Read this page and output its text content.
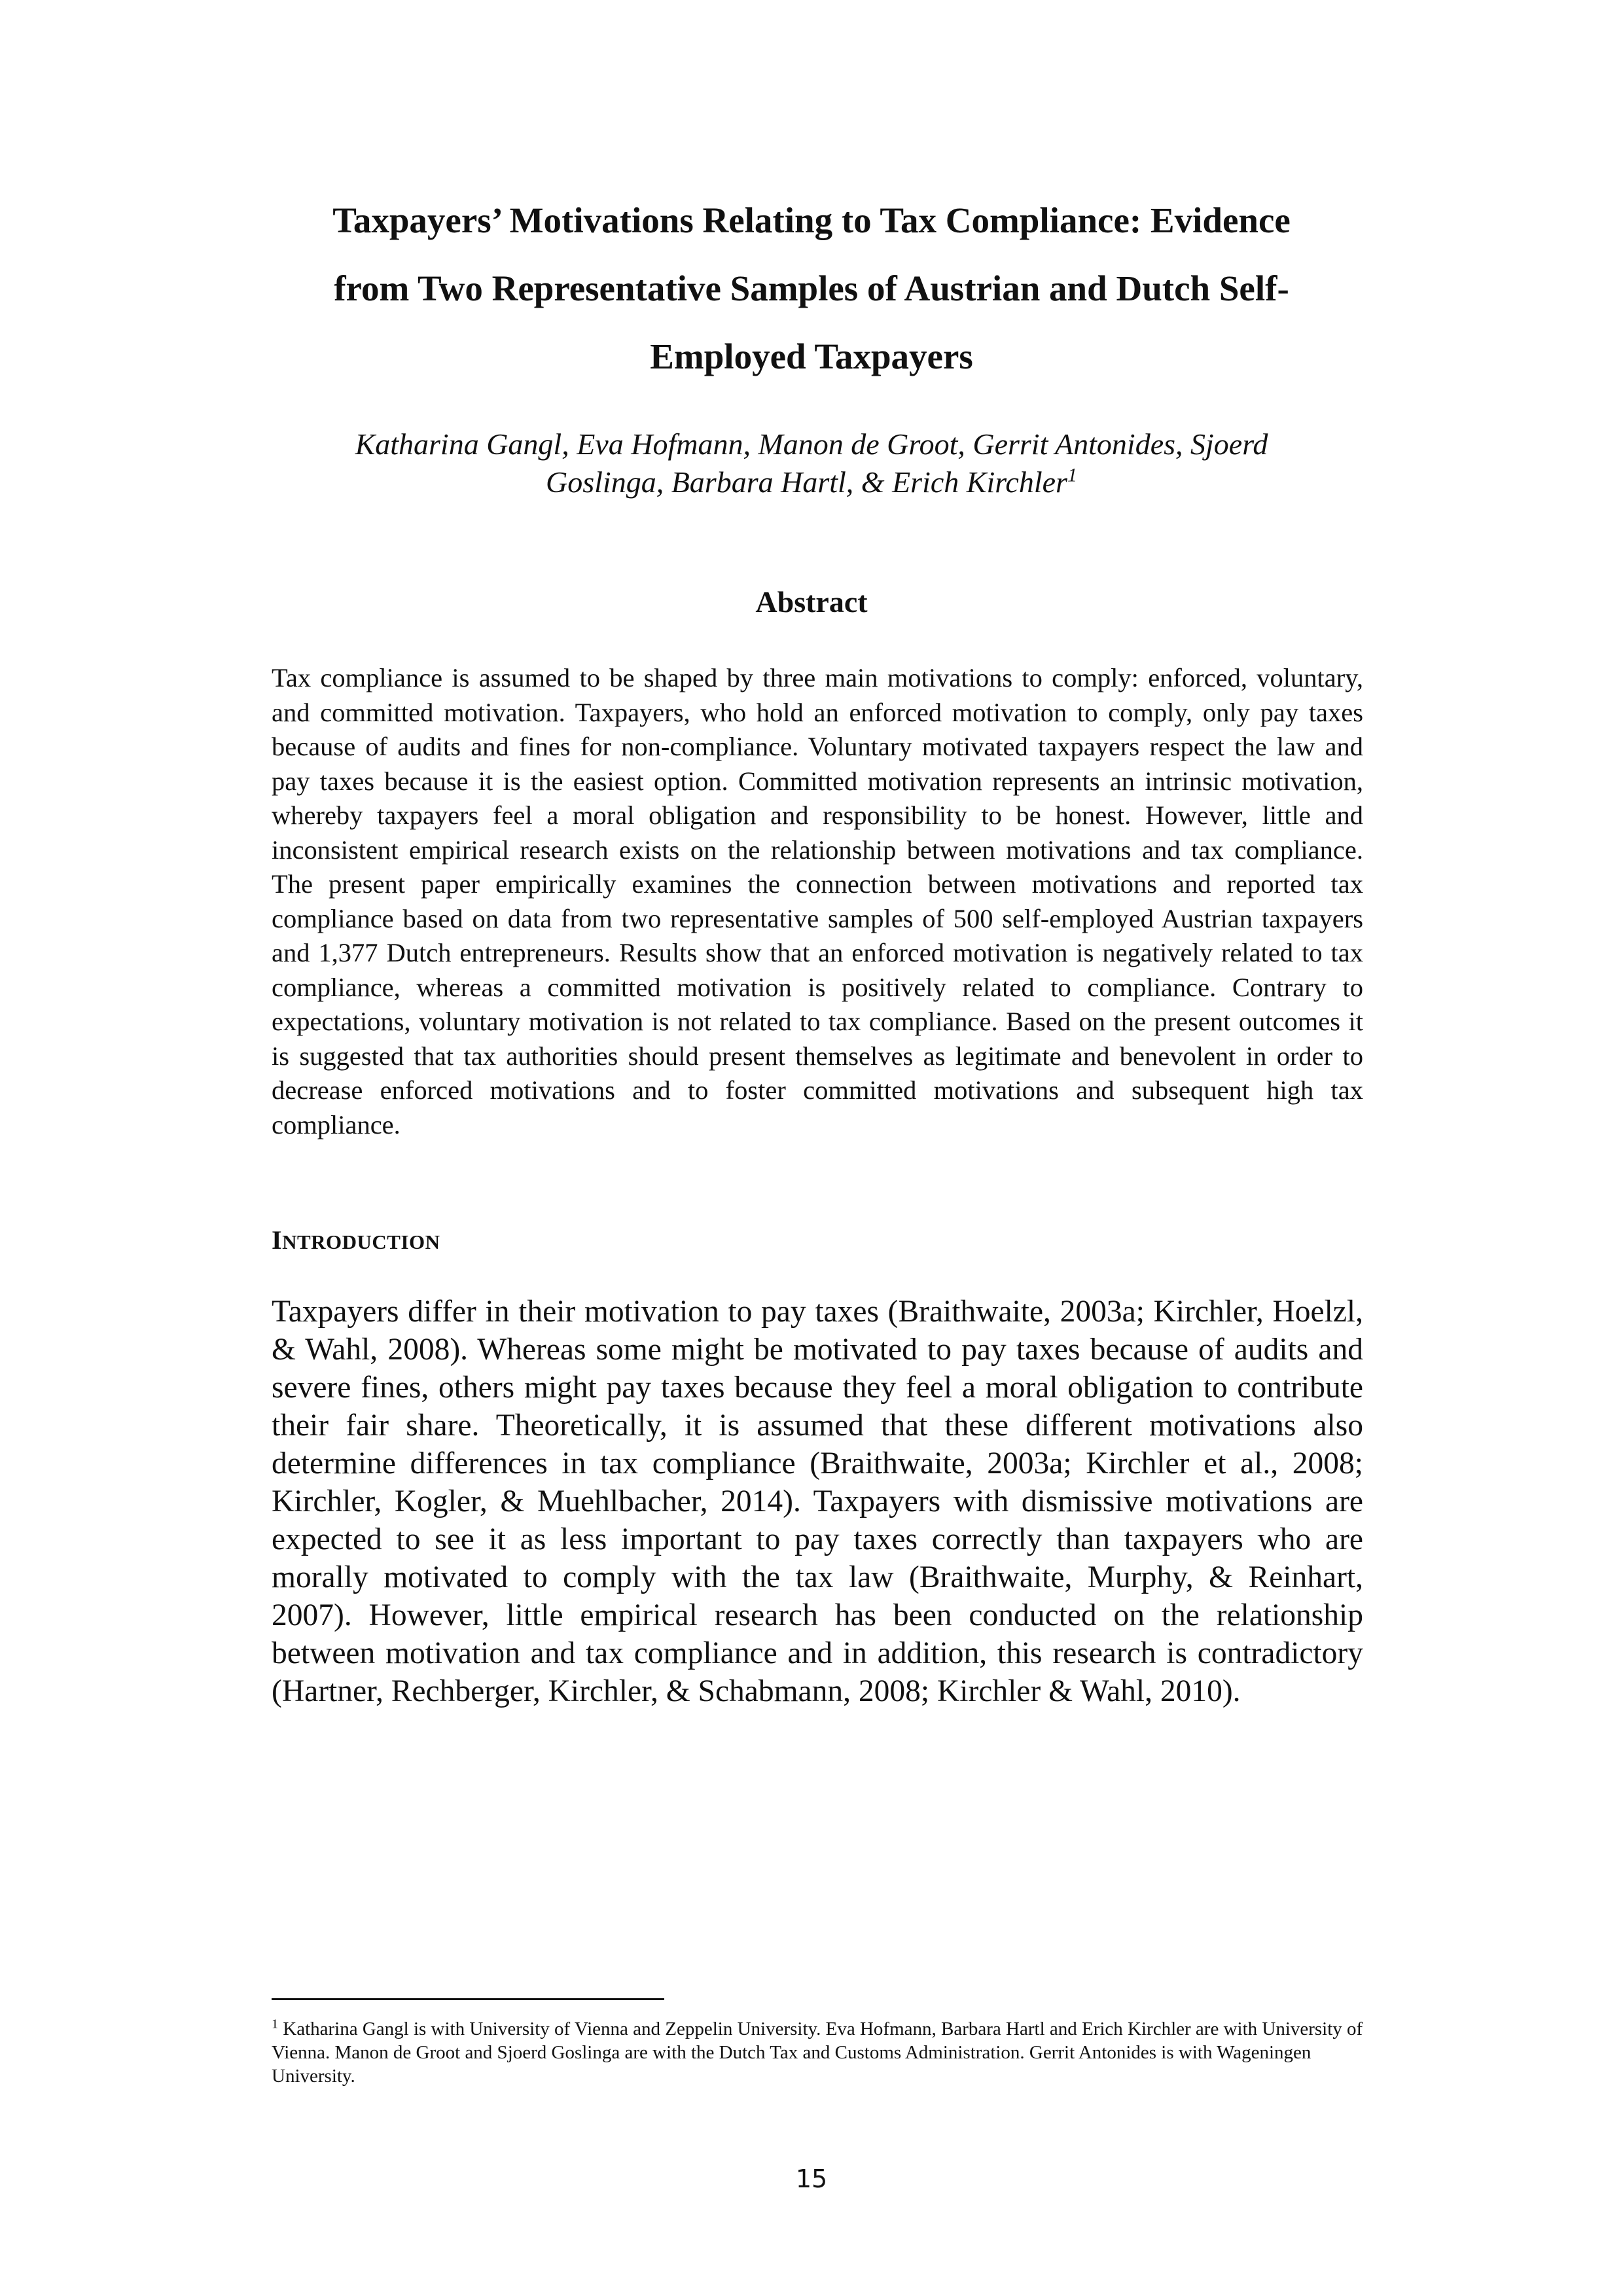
Taxpayers’ Motivations Relating to Tax Compliance: Evidence
from Two Representative Samples of Austrian and Dutch Self-
Employed Taxpayers

Katharina Gangl, Eva Hofmann, Manon de Groot, Gerrit Antonides, Sjoerd
Goslinga, Barbara Hartl, & Erich Kirchler$^1$

Abstract

Tax compliance is assumed to be shaped by three main motivations to comply: enforced, voluntary, and committed motivation. Taxpayers, who hold an enforced motivation to comply, only pay taxes because of audits and fines for non-compliance. Voluntary motivated taxpayers respect the law and pay taxes because it is the easiest option. Committed motivation represents an intrinsic motivation, whereby taxpayers feel a moral obligation and responsibility to be honest. However, little and inconsistent empirical research exists on the relationship between motivations and tax compliance. The present paper empirically examines the connection between motivations and reported tax compliance based on data from two representative samples of 500 self-employed Austrian taxpayers and 1,377 Dutch entrepreneurs. Results show that an enforced motivation is negatively related to tax compliance, whereas a committed motivation is positively related to compliance. Contrary to expectations, voluntary motivation is not related to tax compliance. Based on the present outcomes it is suggested that tax authorities should present themselves as legitimate and benevolent in order to decrease enforced motivations and to foster committed motivations and subsequent high tax compliance.

INTRODUCTION

Taxpayers differ in their motivation to pay taxes (Braithwaite, 2003a; Kirchler, Hoelzl, & Wahl, 2008). Whereas some might be motivated to pay taxes because of audits and severe fines, others might pay taxes because they feel a moral obligation to contribute their fair share. Theoretically, it is assumed that these different motivations also determine differences in tax compliance (Braithwaite, 2003a; Kirchler et al., 2008; Kirchler, Kogler, & Muehlbacher, 2014). Taxpayers with dismissive motivations are expected to see it as less important to pay taxes correctly than taxpayers who are morally motivated to comply with the tax law (Braithwaite, Murphy, & Reinhart, 2007). However, little empirical research has been conducted on the relationship between motivation and tax compliance and in addition, this research is contradictory (Hartner, Rechberger, Kirchler, & Schabmann, 2008; Kirchler & Wahl, 2010).

$^1$ Katharina Gangl is with University of Vienna and Zeppelin University. Eva Hofmann, Barbara Hartl and Erich Kirchler are with University of Vienna. Manon de Groot and Sjoerd Goslinga are with the Dutch Tax and Customs Administration. Gerrit Antonides is with Wageningen University.

15
